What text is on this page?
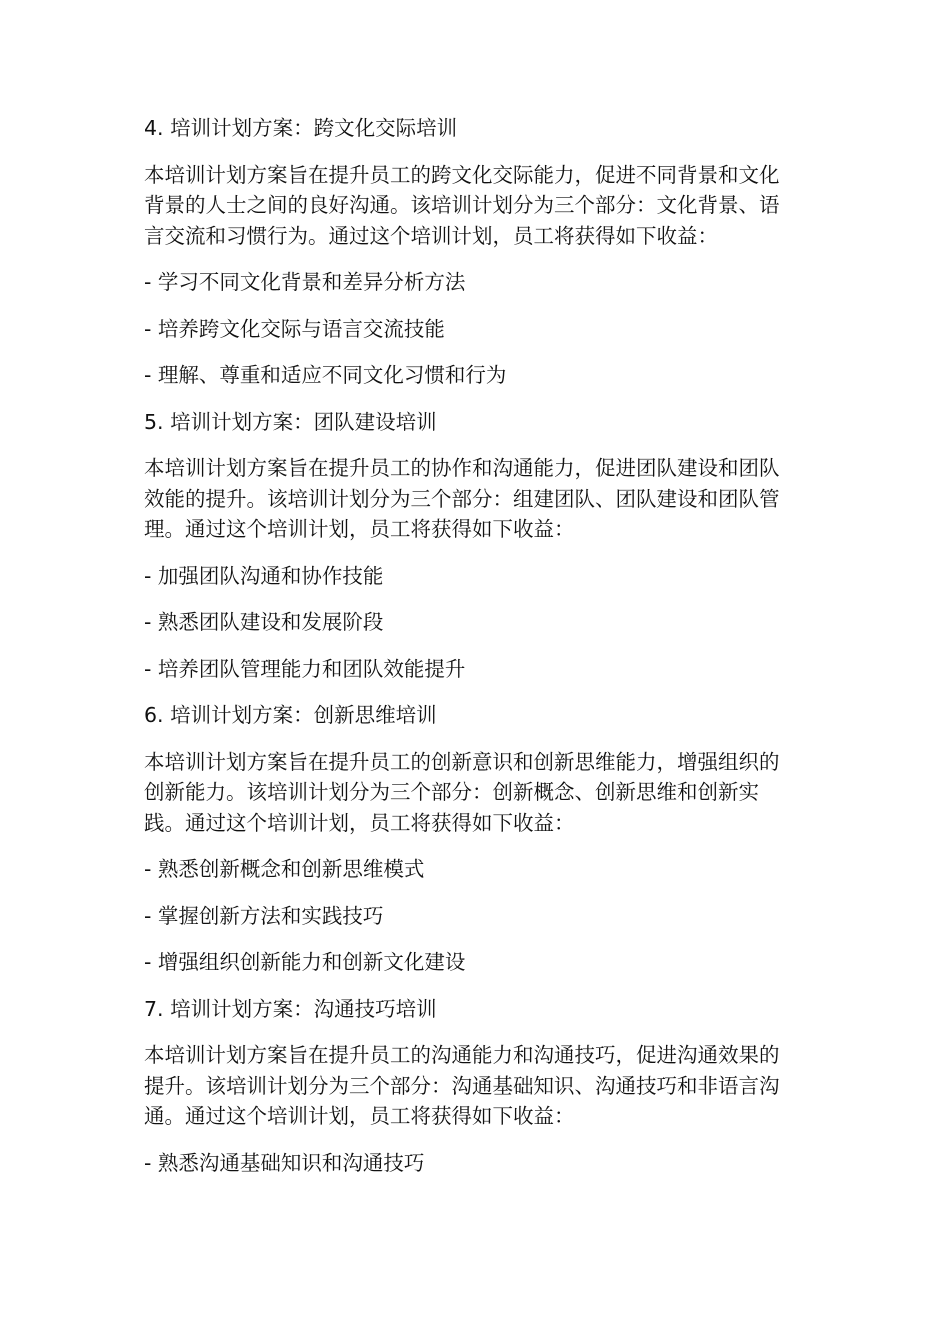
4. 培训计划方案：跨文化交际培训
本培训计划方案旨在提升员工的跨文化交际能力，促进不同背景和文化背景的人士之间的良好沟通。该培训计划分为三个部分：文化背景、语言交流和习惯行为。通过这个培训计划，员工将获得如下收益：
- 学习不同文化背景和差异分析方法
- 培养跨文化交际与语言交流技能
- 理解、尊重和适应不同文化习惯和行为
5. 培训计划方案：团队建设培训
本培训计划方案旨在提升员工的协作和沟通能力，促进团队建设和团队效能的提升。该培训计划分为三个部分：组建团队、团队建设和团队管理。通过这个培训计划，员工将获得如下收益：
- 加强团队沟通和协作技能
- 熟悉团队建设和发展阶段
- 培养团队管理能力和团队效能提升
6. 培训计划方案：创新思维培训
本培训计划方案旨在提升员工的创新意识和创新思维能力，增强组织的创新能力。该培训计划分为三个部分：创新概念、创新思维和创新实践。通过这个培训计划，员工将获得如下收益：
- 熟悉创新概念和创新思维模式
- 掌握创新方法和实践技巧
- 增强组织创新能力和创新文化建设
7. 培训计划方案：沟通技巧培训
本培训计划方案旨在提升员工的沟通能力和沟通技巧，促进沟通效果的提升。该培训计划分为三个部分：沟通基础知识、沟通技巧和非语言沟通。通过这个培训计划，员工将获得如下收益：
- 熟悉沟通基础知识和沟通技巧
